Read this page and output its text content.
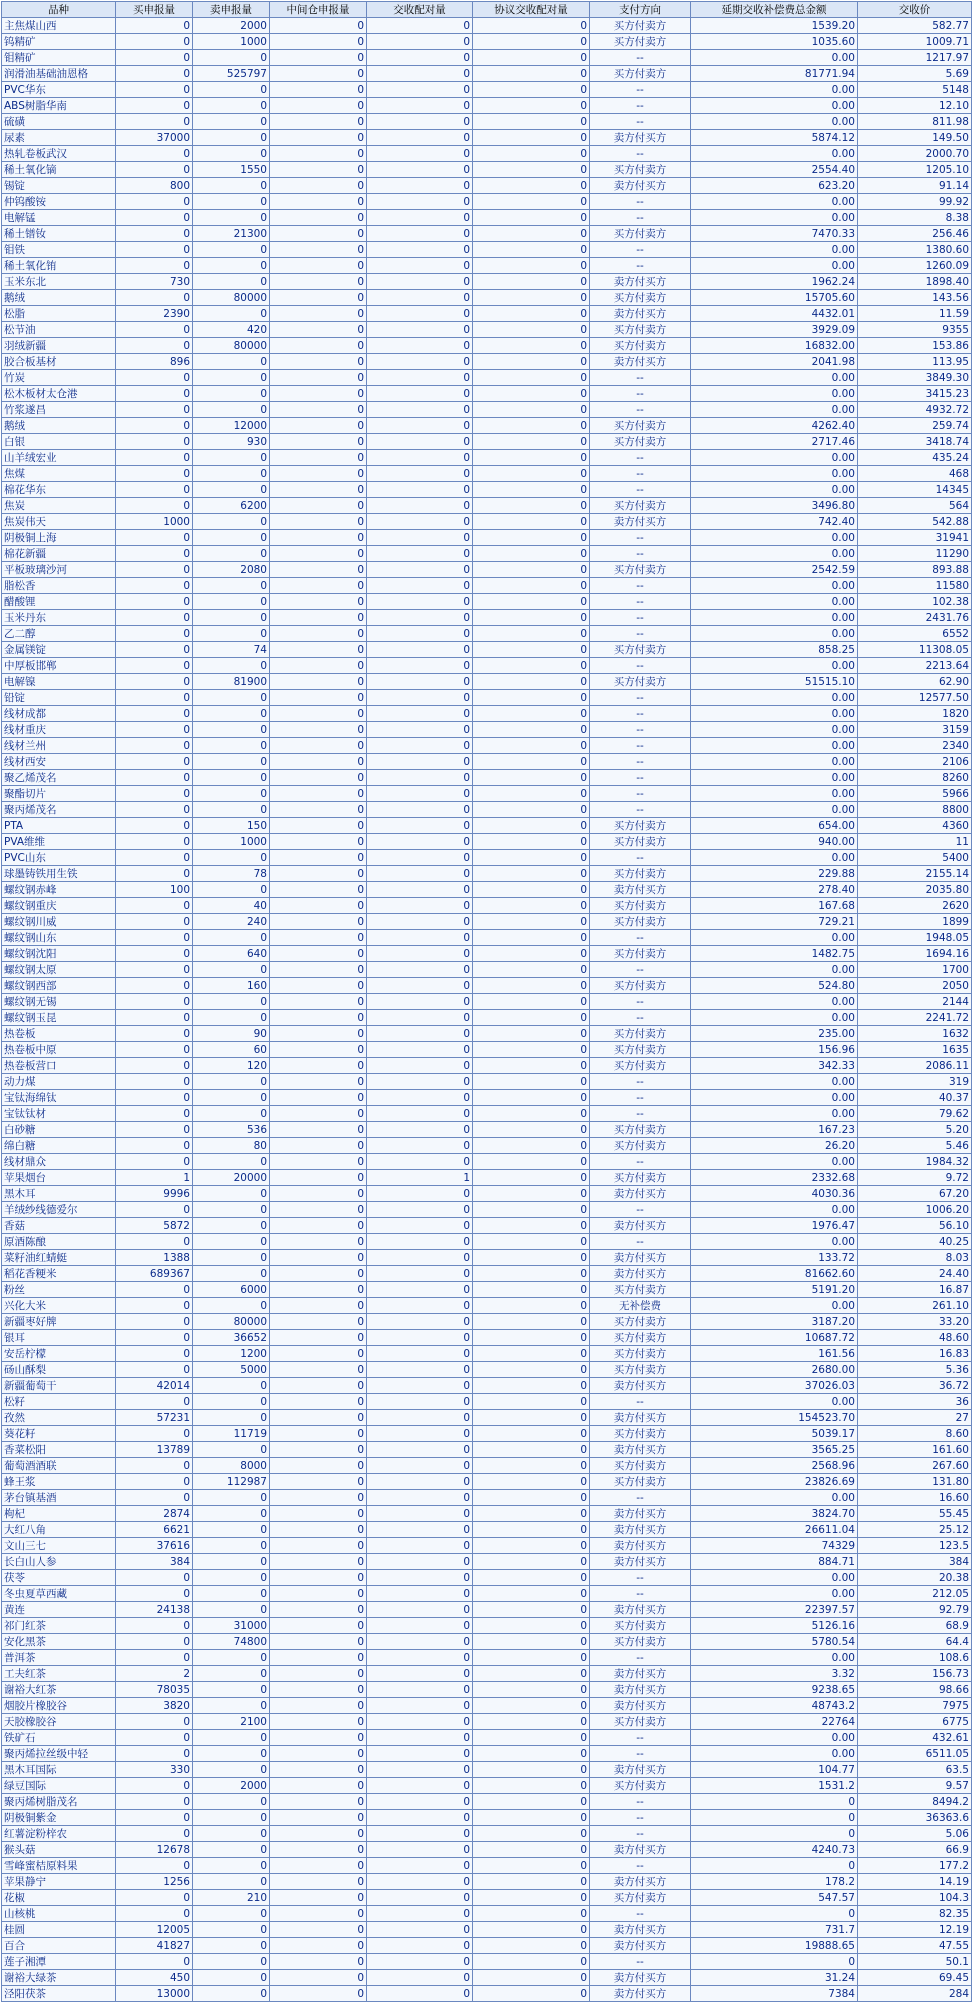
品种	买申报量	卖申报量	中间仓申报量	交收配对量	协议交收配对量	支付方向	延期交收补偿费总金额	交收价
主焦煤山西	0	2000	0	0	0	买方付卖方	1539.20	582.77
钨精矿	0	1000	0	0	0	买方付卖方	1035.60	1009.71
钼精矿	0	0	0	0	0	--	0.00	1217.97
润滑油基础油恩格	0	525797	0	0	0	买方付卖方	81771.94	5.69
PVC华东	0	0	0	0	0	--	0.00	5148
ABS树脂华南	0	0	0	0	0	--	0.00	12.10
硫磺	0	0	0	0	0	--	0.00	811.98
尿素	37000	0	0	0	0	卖方付买方	5874.12	149.50
热轧卷板武汉	0	0	0	0	0	--	0.00	2000.70
稀土氧化镝	0	1550	0	0	0	买方付卖方	2554.40	1205.10
锡锭	800	0	0	0	0	卖方付买方	623.20	91.14
仲钨酸铵	0	0	0	0	0	--	0.00	99.92
电解锰	0	0	0	0	0	--	0.00	8.38
稀土镨钕	0	21300	0	0	0	买方付卖方	7470.33	256.46
钼铁	0	0	0	0	0	--	0.00	1380.60
稀土氧化铕	0	0	0	0	0	--	0.00	1260.09
玉米东北	730	0	0	0	0	卖方付买方	1962.24	1898.40
鹅绒	0	80000	0	0	0	买方付卖方	15705.60	143.56
松脂	2390	0	0	0	0	卖方付买方	4432.01	11.59
松节油	0	420	0	0	0	买方付卖方	3929.09	9355
羽绒新疆	0	80000	0	0	0	买方付卖方	16832.00	153.86
胶合板基材	896	0	0	0	0	卖方付买方	2041.98	113.95
竹炭	0	0	0	0	0	--	0.00	3849.30
松木板材太仓港	0	0	0	0	0	--	0.00	3415.23
竹浆遂昌	0	0	0	0	0	--	0.00	4932.72
鹅绒	0	12000	0	0	0	买方付卖方	4262.40	259.74
白银	0	930	0	0	0	买方付卖方	2717.46	3418.74
山羊绒宏业	0	0	0	0	0	--	0.00	435.24
焦煤	0	0	0	0	0	--	0.00	468
棉花华东	0	0	0	0	0	--	0.00	14345
焦炭	0	6200	0	0	0	买方付卖方	3496.80	564
焦炭伟天	1000	0	0	0	0	卖方付买方	742.40	542.88
阴极铜上海	0	0	0	0	0	--	0.00	31941
棉花新疆	0	0	0	0	0	--	0.00	11290
平板玻璃沙河	0	2080	0	0	0	买方付卖方	2542.59	893.88
脂松香	0	0	0	0	0	--	0.00	11580
醋酸锂	0	0	0	0	0	--	0.00	102.38
玉米丹东	0	0	0	0	0	--	0.00	2431.76
乙二醇	0	0	0	0	0	--	0.00	6552
金属镁锭	0	74	0	0	0	买方付卖方	858.25	11308.05
中厚板邯郸	0	0	0	0	0	--	0.00	2213.64
电解镍	0	81900	0	0	0	买方付卖方	51515.10	62.90
铅锭	0	0	0	0	0	--	0.00	12577.50
线材成都	0	0	0	0	0	--	0.00	1820
线材重庆	0	0	0	0	0	--	0.00	3159
线材兰州	0	0	0	0	0	--	0.00	2340
线材西安	0	0	0	0	0	--	0.00	2106
聚乙烯茂名	0	0	0	0	0	--	0.00	8260
聚酯切片	0	0	0	0	0	--	0.00	5966
聚丙烯茂名	0	0	0	0	0	--	0.00	8800
PTA	0	150	0	0	0	买方付卖方	654.00	4360
PVA维维	0	1000	0	0	0	买方付卖方	940.00	11
PVC山东	0	0	0	0	0	--	0.00	5400
球墨铸铁用生铁	0	78	0	0	0	买方付卖方	229.88	2155.14
螺纹钢赤峰	100	0	0	0	0	卖方付买方	278.40	2035.80
螺纹钢重庆	0	40	0	0	0	买方付卖方	167.68	2620
螺纹钢川威	0	240	0	0	0	买方付卖方	729.21	1899
螺纹钢山东	0	0	0	0	0	--	0.00	1948.05
螺纹钢沈阳	0	640	0	0	0	买方付卖方	1482.75	1694.16
螺纹钢太原	0	0	0	0	0	--	0.00	1700
螺纹钢西部	0	160	0	0	0	买方付卖方	524.80	2050
螺纹钢无锡	0	0	0	0	0	--	0.00	2144
螺纹钢玉昆	0	0	0	0	0	--	0.00	2241.72
热卷板	0	90	0	0	0	买方付卖方	235.00	1632
热卷板中原	0	60	0	0	0	买方付卖方	156.96	1635
热卷板营口	0	120	0	0	0	买方付卖方	342.33	2086.11
动力煤	0	0	0	0	0	--	0.00	319
宝钛海绵钛	0	0	0	0	0	--	0.00	40.37
宝钛钛材	0	0	0	0	0	--	0.00	79.62
白砂糖	0	536	0	0	0	买方付卖方	167.23	5.20
绵白糖	0	80	0	0	0	买方付卖方	26.20	5.46
线材鼎众	0	0	0	0	0	--	0.00	1984.32
苹果烟台	1	20000	0	1	0	买方付卖方	2332.68	9.72
黑木耳	9996	0	0	0	0	卖方付买方	4030.36	67.20
羊绒纱线德爱尔	0	0	0	0	0	--	0.00	1006.20
香菇	5872	0	0	0	0	卖方付买方	1976.47	56.10
原酒陈酿	0	0	0	0	0	--	0.00	40.25
菜籽油红蜻蜓	1388	0	0	0	0	卖方付买方	133.72	8.03
稻花香粳米	689367	0	0	0	0	卖方付买方	81662.60	24.40
粉丝	0	6000	0	0	0	买方付卖方	5191.20	16.87
兴化大米	0	0	0	0	0	无补偿费	0.00	261.10
新疆枣好牌	0	80000	0	0	0	买方付卖方	3187.20	33.20
银耳	0	36652	0	0	0	买方付卖方	10687.72	48.60
安岳柠檬	0	1200	0	0	0	买方付卖方	161.56	16.83
砀山酥梨	0	5000	0	0	0	买方付卖方	2680.00	5.36
新疆葡萄干	42014	0	0	0	0	卖方付买方	37026.03	36.72
松籽	0	0	0	0	0	--	0.00	36
孜然	57231	0	0	0	0	卖方付买方	154523.70	27
葵花籽	0	11719	0	0	0	买方付卖方	5039.17	8.60
香菜松阳	13789	0	0	0	0	卖方付买方	3565.25	161.60
葡萄酒酒联	0	8000	0	0	0	买方付卖方	2568.96	267.60
蜂王浆	0	112987	0	0	0	买方付卖方	23826.69	131.80
茅台镇基酒	0	0	0	0	0	--	0.00	16.60
枸杞	2874	0	0	0	0	卖方付买方	3824.70	55.45
大红八角	6621	0	0	0	0	卖方付买方	26611.04	25.12
文山三七	37616	0	0	0	0	卖方付买方	74329	123.5
长白山人参	384	0	0	0	0	卖方付买方	884.71	384
茯苓	0	0	0	0	0	--	0.00	20.38
冬虫夏草西藏	0	0	0	0	0	--	0.00	212.05
黄连	24138	0	0	0	0	卖方付买方	22397.57	92.79
祁门红茶	0	31000	0	0	0	买方付卖方	5126.16	68.9
安化黑茶	0	74800	0	0	0	买方付卖方	5780.54	64.4
普洱茶	0	0	0	0	0	--	0.00	108.6
工夫红茶	2	0	0	0	0	卖方付买方	3.32	156.73
谢裕大红茶	78035	0	0	0	0	卖方付买方	9238.65	98.66
烟胶片橡胶谷	3820	0	0	0	0	卖方付买方	48743.2	7975
天胶橡胶谷	0	2100	0	0	0	买方付卖方	22764	6775
铁矿石	0	0	0	0	0	--	0.00	432.61
聚丙烯拉丝级中轻	0	0	0	0	0	--	0.00	6511.05
黑木耳国际	330	0	0	0	0	卖方付买方	104.77	63.5
绿豆国际	0	2000	0	0	0	买方付卖方	1531.2	9.57
聚丙烯树脂茂名	0	0	0	0	0	--	0	8494.2
阴极铜紫金	0	0	0	0	0	--	0	36363.6
红薯淀粉梓农	0	0	0	0	0	--	0	5.06
猴头菇	12678	0	0	0	0	卖方付买方	4240.73	66.9
雪峰蜜桔原料果	0	0	0	0	0	--	0	177.2
苹果静宁	1256	0	0	0	0	卖方付买方	178.2	14.19
花椒	0	210	0	0	0	买方付卖方	547.57	104.3
山核桃	0	0	0	0	0	--	0	82.35
桂圆	12005	0	0	0	0	卖方付买方	731.7	12.19
百合	41827	0	0	0	0	卖方付买方	19888.65	47.55
莲子湘潭	0	0	0	0	0	--	0	50.1
谢裕大绿茶	450	0	0	0	0	卖方付买方	31.24	69.45
泾阳茯茶	13000	0	0	0	0	卖方付买方	7384	284
